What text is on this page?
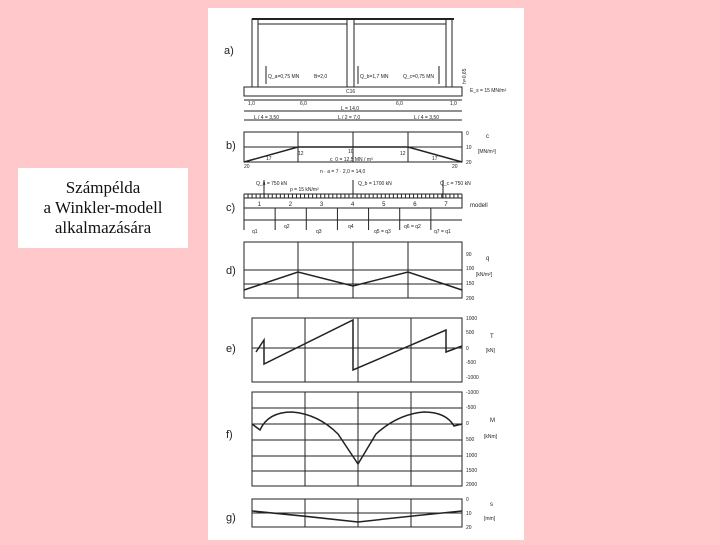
Számpélda
a Winkler-modell
alkalmazására
a)
Q_a=0,75 MN	B=2,0	Q_b=1,7 MN	Q_c=0,75 MN
C16
h=0,65
E_s = 15 MN/m²
1,0	6,0	6,0	1,0
L = 14,0
L / 4 = 3,50	L / 2 = 7,0	L / 4 = 3,50
b)
20
17
12	10	12
17
20
0
10
20
c
[MN/m³]
c_0 = 12,5 MN / m³
n · a = 7 · 2,0 = 14,0
c)
Q_a = 750 kN
p = 15 kN/m²
Q_b = 1700 kN	Q_c = 750 kN
modell
1	2	3	4	5	6	7
q1
q2
q3
q4
q5 = q3
q6 = q2
q7 = q1
d)
90
100
150
200
q
[kN/m²]
e)
1000
500
0
-500
-1000
T
[kN]
f)
-1000
-500
0
500
1000
1500
2000
M
[kNm]
g)
0
10
20
s
[mm]
